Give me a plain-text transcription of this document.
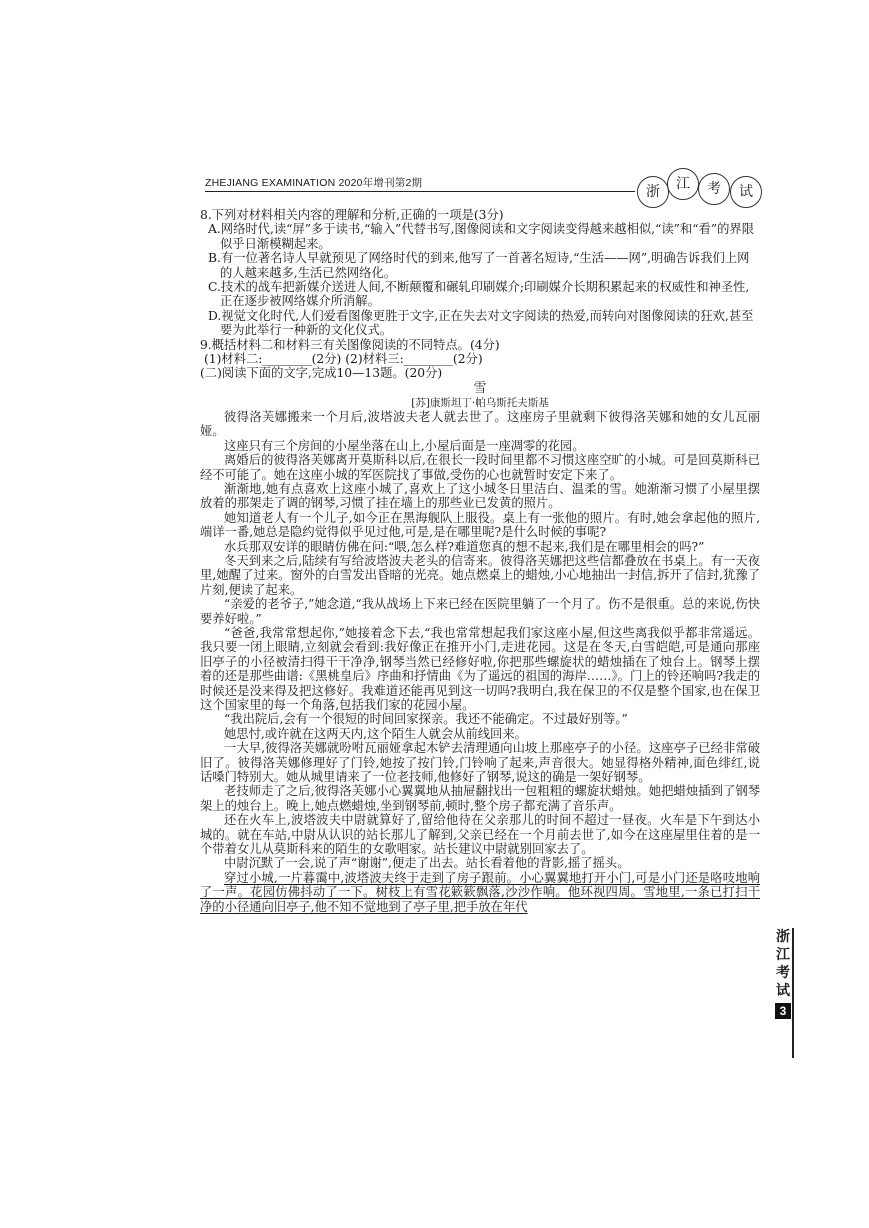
ZHEJIANG EXAMINATION 2020年增刊第2期
浙	江	考	试

8.下列对材料相关内容的理解和分析,正确的一项是(3分)

A.网络时代,读“屏”多于读书,“输入”代替书写,图像阅读和文字阅读变得越来越相似,“读”和“看”的界限似乎日渐模糊起来。

B.有一位著名诗人早就预见了网络时代的到来,他写了一首著名短诗,“生活——网”,明确告诉我们上网的人越来越多,生活已然网络化。

C.技术的战车把新媒介送进人间,不断颠覆和碾轧印刷媒介;印刷媒介长期积累起来的权威性和神圣性,正在逐步被网络媒介所消解。

D.视觉文化时代,人们爱看图像更胜于文字,正在失去对文字阅读的热爱,而转向对图像阅读的狂欢,甚至要为此举行一种新的文化仪式。

9.概括材料二和材料三有关图像阅读的不同特点。(4分)

(1)材料二:________(2分) (2)材料三:________(2分)

(二)阅读下面的文字,完成10—13题。(20分)

雪

[苏]康斯坦丁·帕乌斯托夫斯基

彼得洛芙娜搬来一个月后,波塔波夫老人就去世了。这座房子里就剩下彼得洛芙娜和她的女儿瓦丽娅。

这座只有三个房间的小屋坐落在山上,小屋后面是一座凋零的花园。

离婚后的彼得洛芙娜离开莫斯科以后,在很长一段时间里都不习惯这座空旷的小城。可是回莫斯科已经不可能了。她在这座小城的军医院找了事做,受伤的心也就暂时安定下来了。

渐渐地,她有点喜欢上这座小城了,喜欢上了这小城冬日里洁白、温柔的雪。她渐渐习惯了小屋里摆放着的那架走了调的钢琴,习惯了挂在墙上的那些业已发黄的照片。

她知道老人有一个儿子,如今正在黑海舰队上服役。桌上有一张他的照片。有时,她会拿起他的照片,端详一番,她总是隐约觉得似乎见过他,可是,是在哪里呢?是什么时候的事呢?

水兵那双安详的眼睛仿佛在问:“喂,怎么样?难道您真的想不起来,我们是在哪里相会的吗?”

冬天到来之后,陆续有写给波塔波夫老头的信寄来。彼得洛芙娜把这些信都叠放在书桌上。有一天夜里,她醒了过来。窗外的白雪发出昏暗的光亮。她点燃桌上的蜡烛,小心地抽出一封信,拆开了信封,犹豫了片刻,便读了起来。

“亲爱的老爷子,”她念道,“我从战场上下来已经在医院里躺了一个月了。伤不是很重。总的来说,伤快要养好啦。”

“爸爸,我常常想起你,”她接着念下去,“我也常常想起我们家这座小屋,但这些离我似乎都非常遥远。我只要一闭上眼睛,立刻就会看到:我好像正在推开小门,走进花园。这是在冬天,白雪皑皑,可是通向那座旧亭子的小径被清扫得干干净净,钢琴当然已经修好啦,你把那些螺旋状的蜡烛插在了烛台上。钢琴上摆着的还是那些曲谱:《黑桃皇后》序曲和抒情曲《为了遥远的祖国的海岸……》。门上的铃还响吗?我走的时候还是没来得及把这修好。我难道还能再见到这一切吗?我明白,我在保卫的不仅是整个国家,也在保卫这个国家里的每一个角落,包括我们家的花园小屋。

“我出院后,会有一个很短的时间回家探亲。我还不能确定。不过最好别等。”

她思忖,或许就在这两天内,这个陌生人就会从前线回来。

一大早,彼得洛芙娜就吩咐瓦丽娅拿起木铲去清理通向山坡上那座亭子的小径。这座亭子已经非常破旧了。彼得洛芙娜修理好了门铃,她按了按门铃,门铃响了起来,声音很大。她显得格外精神,面色绯红,说话嗓门特别大。她从城里请来了一位老技师,他修好了钢琴,说这的确是一架好钢琴。

老技师走了之后,彼得洛芙娜小心翼翼地从抽屉翻找出一包粗粗的螺旋状蜡烛。她把蜡烛插到了钢琴架上的烛台上。晚上,她点燃蜡烛,坐到钢琴前,顿时,整个房子都充满了音乐声。

还在火车上,波塔波夫中尉就算好了,留给他待在父亲那儿的时间不超过一昼夜。火车是下午到达小城的。就在车站,中尉从认识的站长那儿了解到,父亲已经在一个月前去世了,如今在这座屋里住着的是一个带着女儿从莫斯科来的陌生的女歌唱家。站长建议中尉就别回家去了。

中尉沉默了一会,说了声“谢谢”,便走了出去。站长看着他的背影,摇了摇头。

穿过小城,一片暮霭中,波塔波夫终于走到了房子跟前。小心翼翼地打开小门,可是小门还是咯吱地响了一声。花园仿佛抖动了一下。树枝上有雪花簌簌飘落,沙沙作响。他环视四周。雪地里,一条已打扫干净的小径通向旧亭子,他不知不觉地到了亭子里,把手放在年代

浙
江
考
试
3
